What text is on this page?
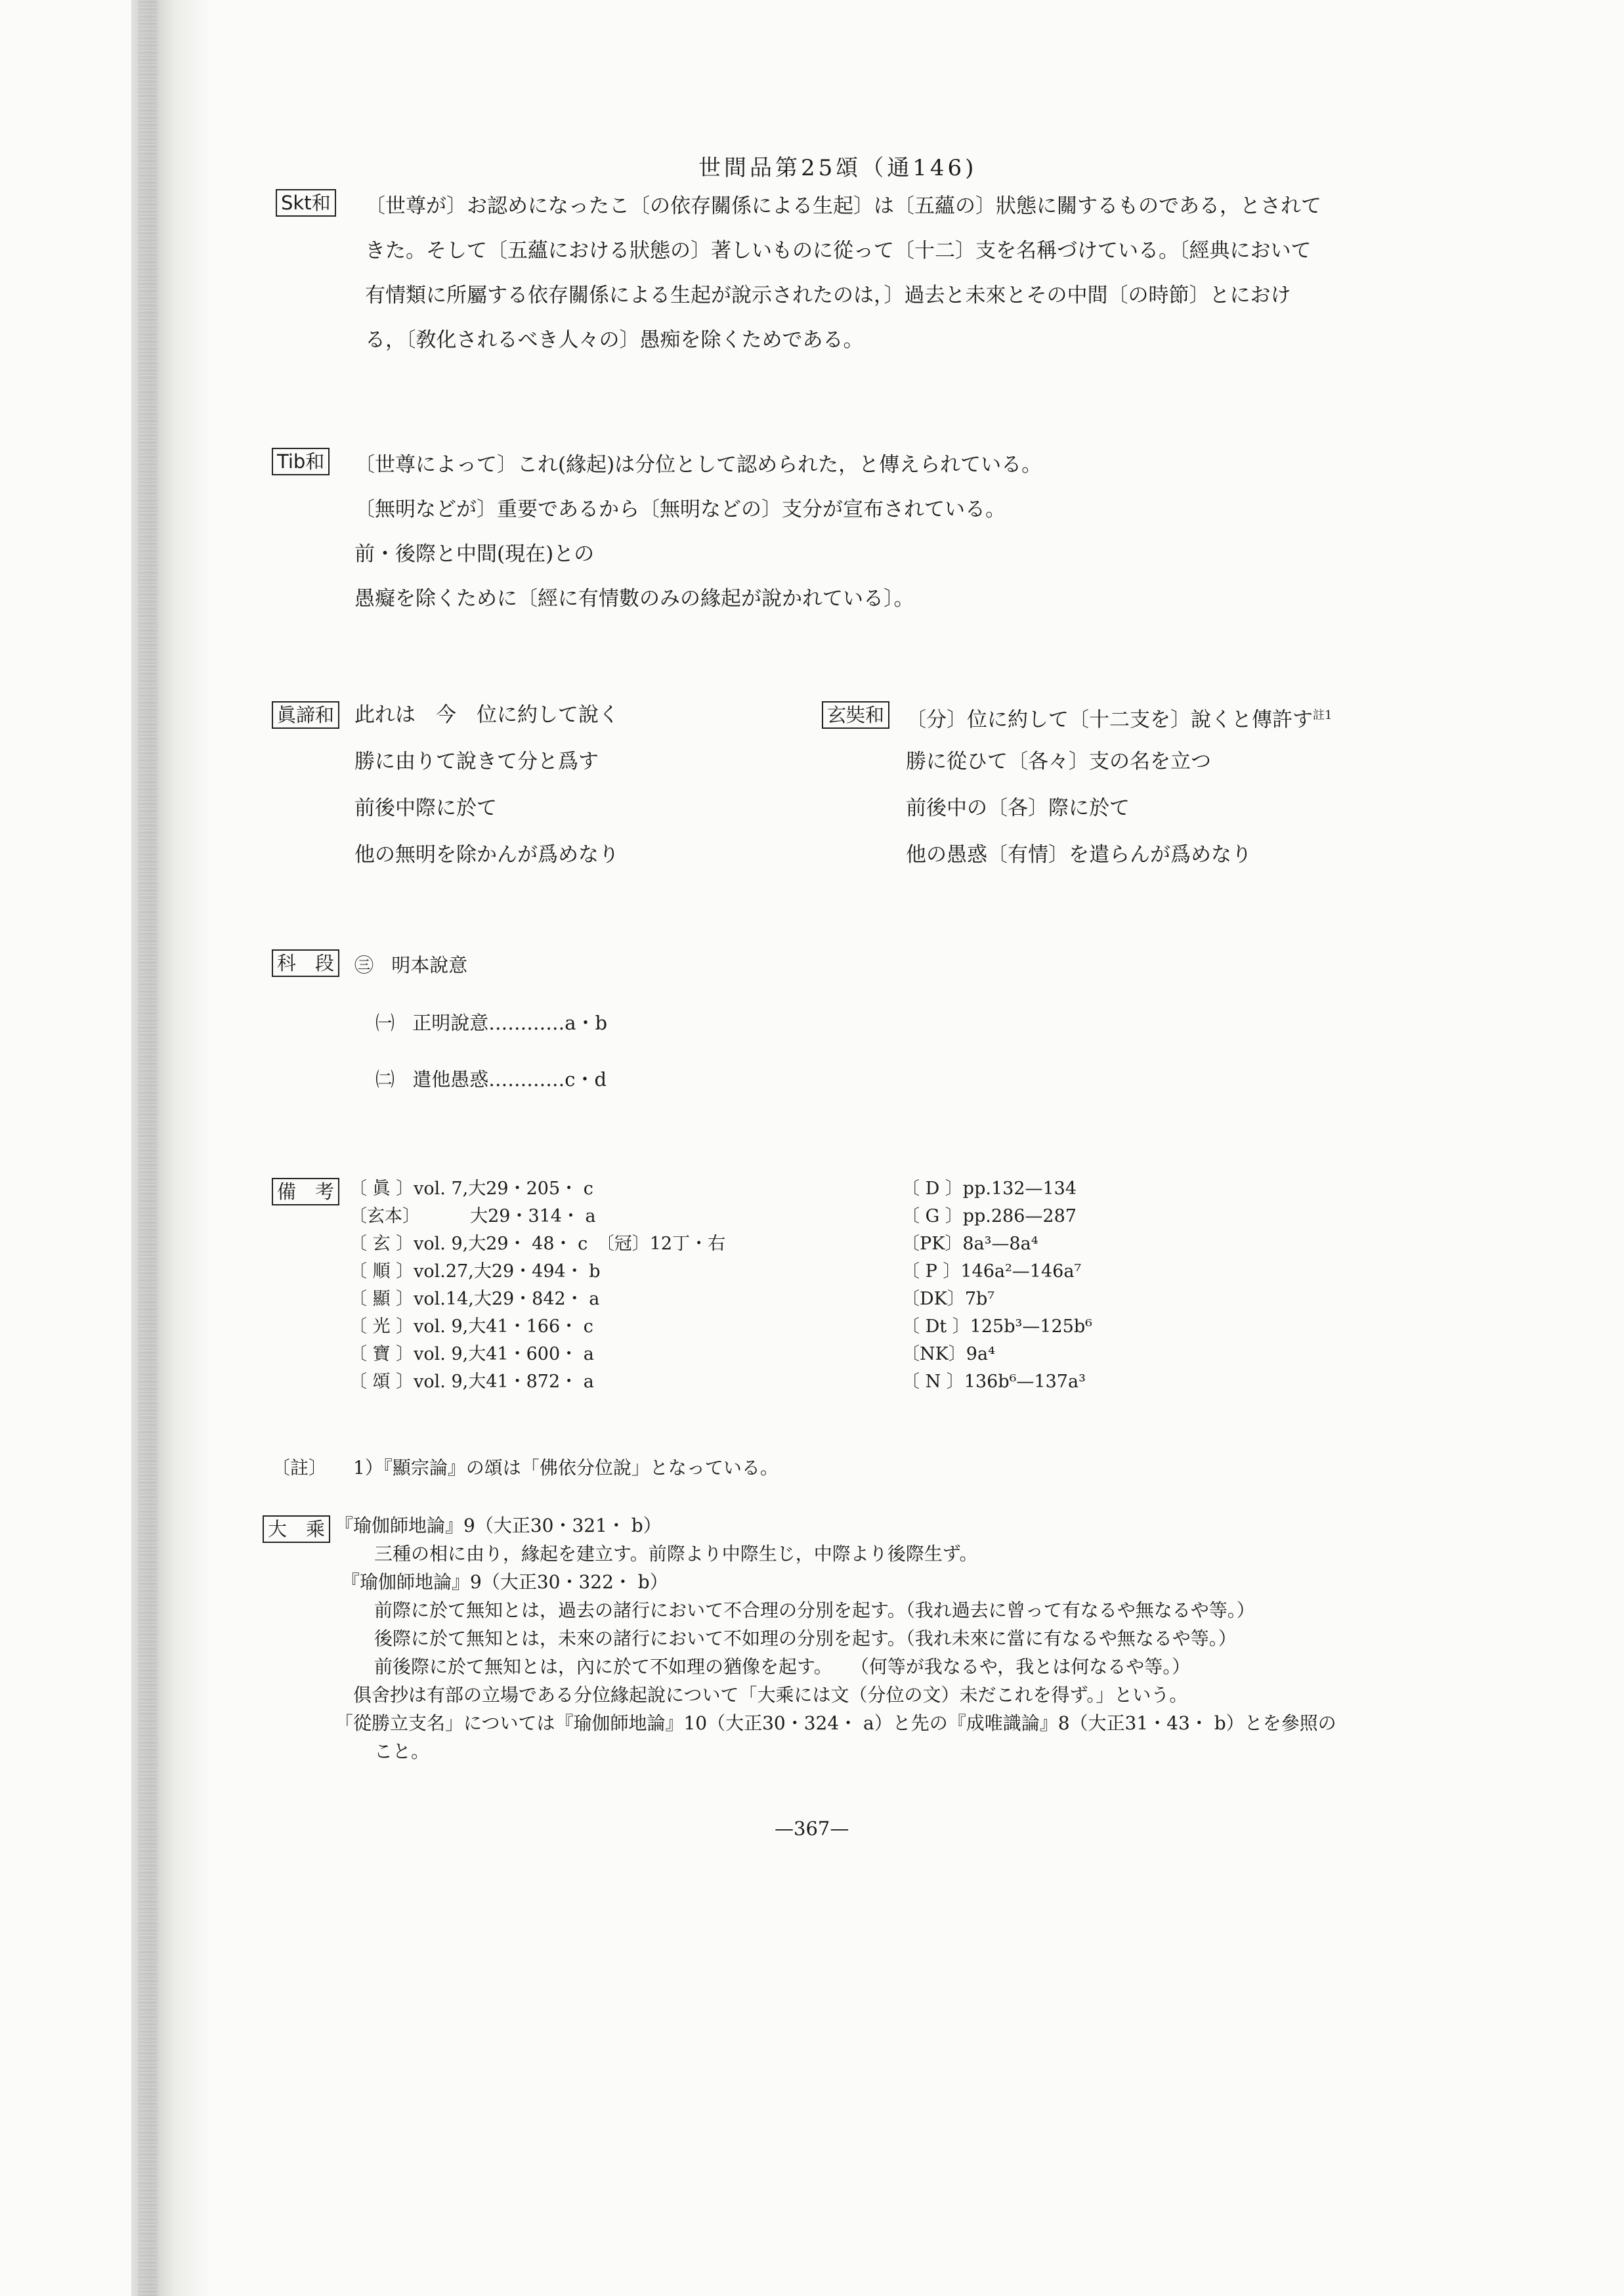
世間品第25頌（通146)
Skt和 〔世尊が〕お認めになったこ〔の依存關係による生起〕は〔五蘊の〕狀態に關するものである，とされて
きた。そして〔五蘊における狀態の〕著しいものに從って〔十二〕支を名稱づけている。〔經典において
有情類に所屬する依存關係による生起が說示されたのは，〕過去と未來とその中間〔の時節〕とにおけ
る，〔敎化されるべき人々の〕愚痴を除くためである。
Tib和 〔世尊によって〕これ(緣起)は分位として認められた，と傳えられている。
〔無明などが〕重要であるから〔無明などの〕支分が宣布されている。
前・後際と中間(現在)との
愚癡を除くために〔經に有情數のみの緣起が說かれている〕。
眞諦和 此れは　今　位に約して說く
勝に由りて說きて分と爲す
前後中際に於て
他の無明を除かんが爲めなり
玄奘和 〔分〕位に約して〔十二支を〕說くと傳許す$^{註1}$
勝に從ひて〔各々〕支の名を立つ
前後中の〔各〕際に於て
他の愚惑〔有情〕を遣らんが爲めなり
科　段 ㊂ 明本說意
㈠ 正明說意…………a・b
㈡ 遣他愚惑…………c・d
備　考 〔 眞 〕vol. 7,大29・205・ c
〔玄本〕　　　 大29・314・ a
〔 玄 〕vol. 9,大29・ 48・ c　〔冠〕12丁・右
〔 順 〕vol.27,大29・494・ b
〔 顯 〕vol.14,大29・842・ a
〔 光 〕vol. 9,大41・166・ c
〔 寶 〕vol. 9,大41・600・ a
〔 頌 〕vol. 9,大41・872・ a
〔 D 〕pp.132—134
〔 G 〕pp.286—287
〔PK〕8a³—8a⁴
〔 P 〕146a²—146a⁷
〔DK〕7b⁷
〔 Dt 〕125b³—125b⁶
〔NK〕9a⁴
〔 N 〕136b⁶—137a³
〔註〕 1）『顯宗論』の頌は「佛依分位說」となっている。
大　乘 『瑜伽師地論』9（大正30・321・ b）
三種の相に由り，緣起を建立す。前際より中際生じ，中際より後際生ず。
『瑜伽師地論』9（大正30・322・ b）
前際に於て無知とは，過去の諸行において不合理の分別を起す。（我れ過去に曾って有なるや無なるや等。）
後際に於て無知とは，未來の諸行において不如理の分別を起す。（我れ未來に當に有なるや無なるや等。）
前後際に於て無知とは，內に於て不如理の猶像を起す。　　（何等が我なるや，我とは何なるや等。）
俱舍抄は有部の立場である分位緣起說について「大乘には文（分位の文）未だこれを得ず。」という。
「從勝立支名」については『瑜伽師地論』10（大正30・324・ a）と先の『成唯識論』8（大正31・43・ b）とを參照の
こと。
—367—
